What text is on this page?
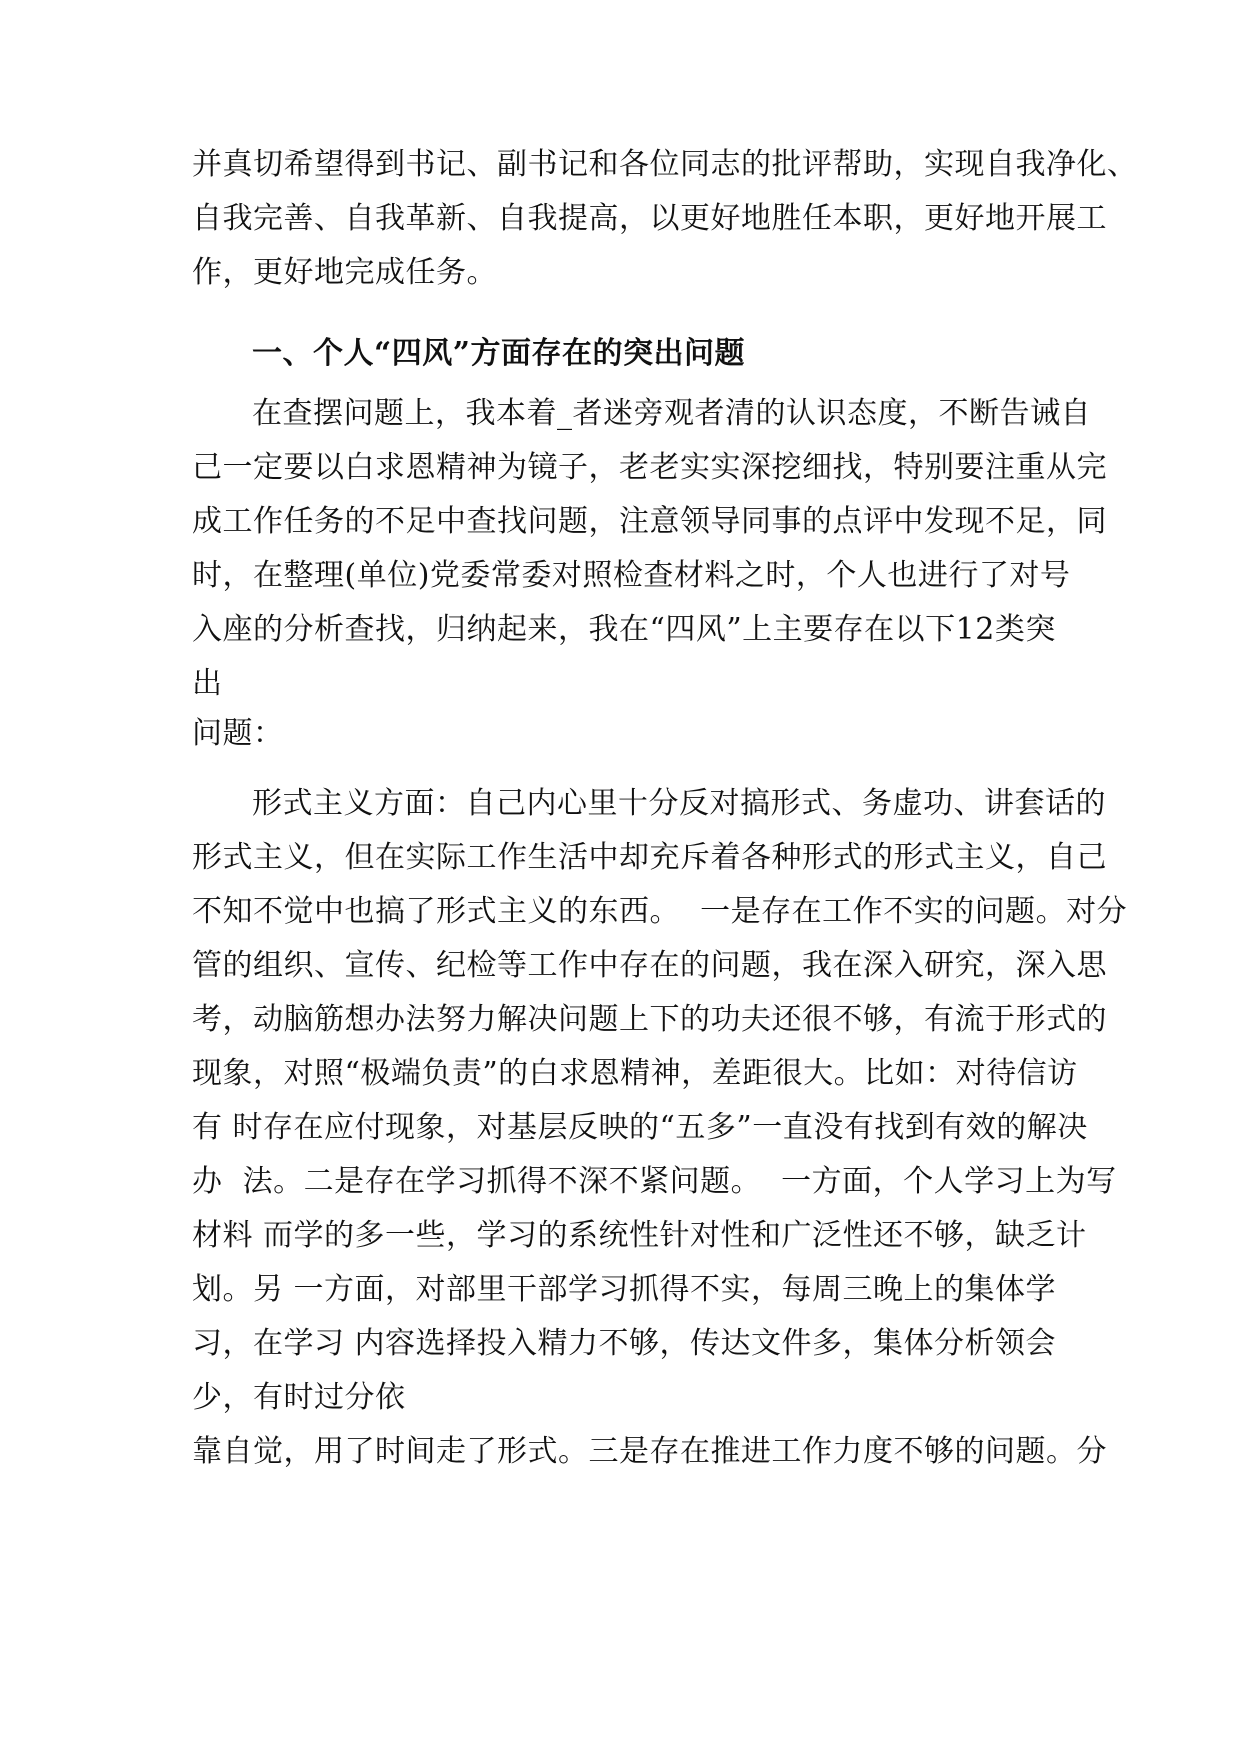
并真切希望得到书记、副书记和各位同志的批评帮助，实现自我净化、
自我完善、自我革新、自我提高，以更好地胜任本职，更好地开展工
作，更好地完成任务。
一、个人“四风”方面存在的突出问题
在查摆问题上，我本着_者迷旁观者清的认识态度，不断告诫自
己一定要以白求恩精神为镜子，老老实实深挖细找，特别要注重从完
成工作任务的不足中查找问题，注意领导同事的点评中发现不足，同
时，在整理(单位)党委常委对照检查材料之时，个人也进行了对号
入座的分析查找，归纳起来，我在“四风”上主要存在以下12类突
出
问题：
形式主义方面：自己内心里十分反对搞形式、务虚功、讲套话的
形式主义，但在实际工作生活中却充斥着各种形式的形式主义，自己
不知不觉中也搞了形式主义的东西。  一是存在工作不实的问题。对分
管的组织、宣传、纪检等工作中存在的问题，我在深入研究，深入思
考，动脑筋想办法努力解决问题上下的功夫还很不够，有流于形式的
现象，对照“极端负责”的白求恩精神，差距很大。比如：对待信访
有 时存在应付现象，对基层反映的“五多”一直没有找到有效的解决
办  法。二是存在学习抓得不深不紧问题。  一方面，个人学习上为写
材料 而学的多一些，学习的系统性针对性和广泛性还不够，缺乏计
划。另 一方面，对部里干部学习抓得不实，每周三晚上的集体学
习，在学习 内容选择投入精力不够，传达文件多，集体分析领会
少，有时过分依
靠自觉，用了时间走了形式。三是存在推进工作力度不够的问题。分
